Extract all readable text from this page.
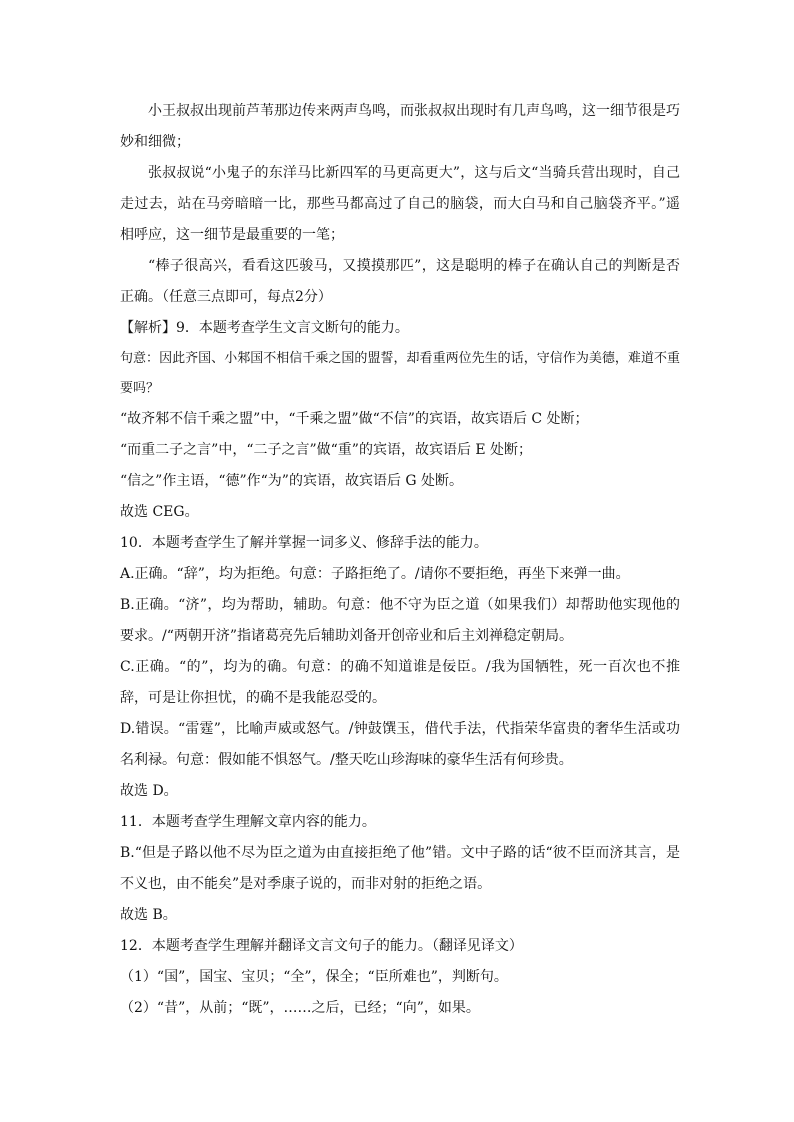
小王叔叔出现前芦苇那边传来两声鸟鸣，而张叔叔出现时有几声鸟鸣，这一细节很是巧妙和细微；

张叔叔说“小鬼子的东洋马比新四军的马更高更大”，这与后文“当骑兵营出现时，自己走过去，站在马旁暗暗一比，那些马都高过了自己的脑袋，而大白马和自己脑袋齐平。”遥相呼应，这一细节是最重要的一笔；

“棒子很高兴，看看这匹骏马，又摸摸那匹”，这是聪明的棒子在确认自己的判断是否正确。（任意三点即可，每点2分）

【解析】9．本题考查学生文言文断句的能力。

句意：因此齐国、小邾国不相信千乘之国的盟誓，却看重两位先生的话，守信作为美德，难道不重要吗？

“故齐邾不信千乘之盟”中，“千乘之盟”做“不信”的宾语，故宾语后 C 处断；

“而重二子之言”中，“二子之言”做“重”的宾语，故宾语后 E 处断；

“信之”作主语，“德”作“为”的宾语，故宾语后 G 处断。

故选 CEG。

10．本题考查学生了解并掌握一词多义、修辞手法的能力。

A.正确。“辞”，均为拒绝。句意：子路拒绝了。/请你不要拒绝，再坐下来弹一曲。

B.正确。“济”，均为帮助，辅助。句意：他不守为臣之道（如果我们）却帮助他实现他的要求。/“两朝开济”指诸葛亮先后辅助刘备开创帝业和后主刘禅稳定朝局。

C.正确。“的”，均为的确。句意：的确不知道谁是佞臣。/我为国牺牲，死一百次也不推辞，可是让你担忧，的确不是我能忍受的。

D.错误。“雷霆”，比喻声威或怒气。/钟鼓馔玉，借代手法，代指荣华富贵的奢华生活或功名利禄。句意：假如能不惧怒气。/整天吃山珍海味的豪华生活有何珍贵。

故选 D。

11．本题考查学生理解文章内容的能力。

B.“但是子路以他不尽为臣之道为由直接拒绝了他”错。文中子路的话“彼不臣而济其言，是不义也，由不能矣”是对季康子说的，而非对射的拒绝之语。

故选 B。

12．本题考查学生理解并翻译文言文句子的能力。（翻译见译文）

（1）“国”，国宝、宝贝；“全”，保全；“臣所难也”，判断句。

（2）“昔”，从前；“既”，……之后，已经；“向”，如果。
